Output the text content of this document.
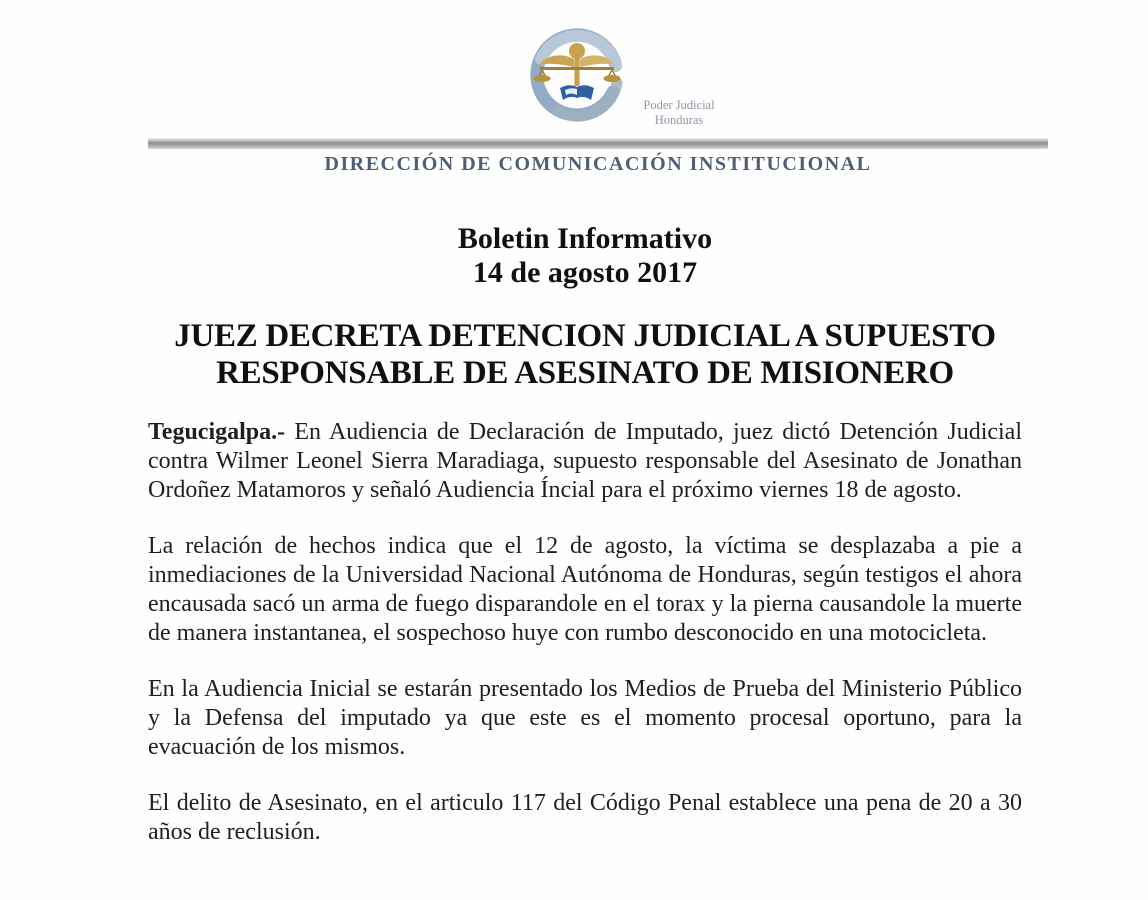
Poder Judicial
Honduras
DIRECCIÓN DE COMUNICACIÓN INSTITUCIONAL
Boletin Informativo
14 de agosto 2017
JUEZ DECRETA DETENCION JUDICIAL A SUPUESTO
RESPONSABLE DE ASESINATO DE MISIONERO

Tegucigalpa.- En Audiencia de Declaración de Imputado, juez dictó Detención Judicial contra Wilmer Leonel Sierra Maradiaga, supuesto responsable del Asesinato de Jonathan Ordoñez Matamoros y señaló Audiencia Íncial para el próximo viernes 18 de agosto.

La relación de hechos indica que el 12 de agosto, la víctima se desplazaba a pie a inmediaciones de la Universidad Nacional Autónoma de Honduras, según testigos el ahora encausada sacó un arma de fuego disparandole en el torax y la pierna causandole la muerte de manera instantanea, el sospechoso huye con rumbo desconocido en una motocicleta.

En la Audiencia Inicial se estarán presentado los Medios de Prueba del Ministerio Público y la Defensa del imputado ya que este es el momento procesal oportuno, para la evacuación de los mismos.

El delito de Asesinato, en el articulo 117 del Código Penal establece una pena de 20 a 30 años de reclusión.
